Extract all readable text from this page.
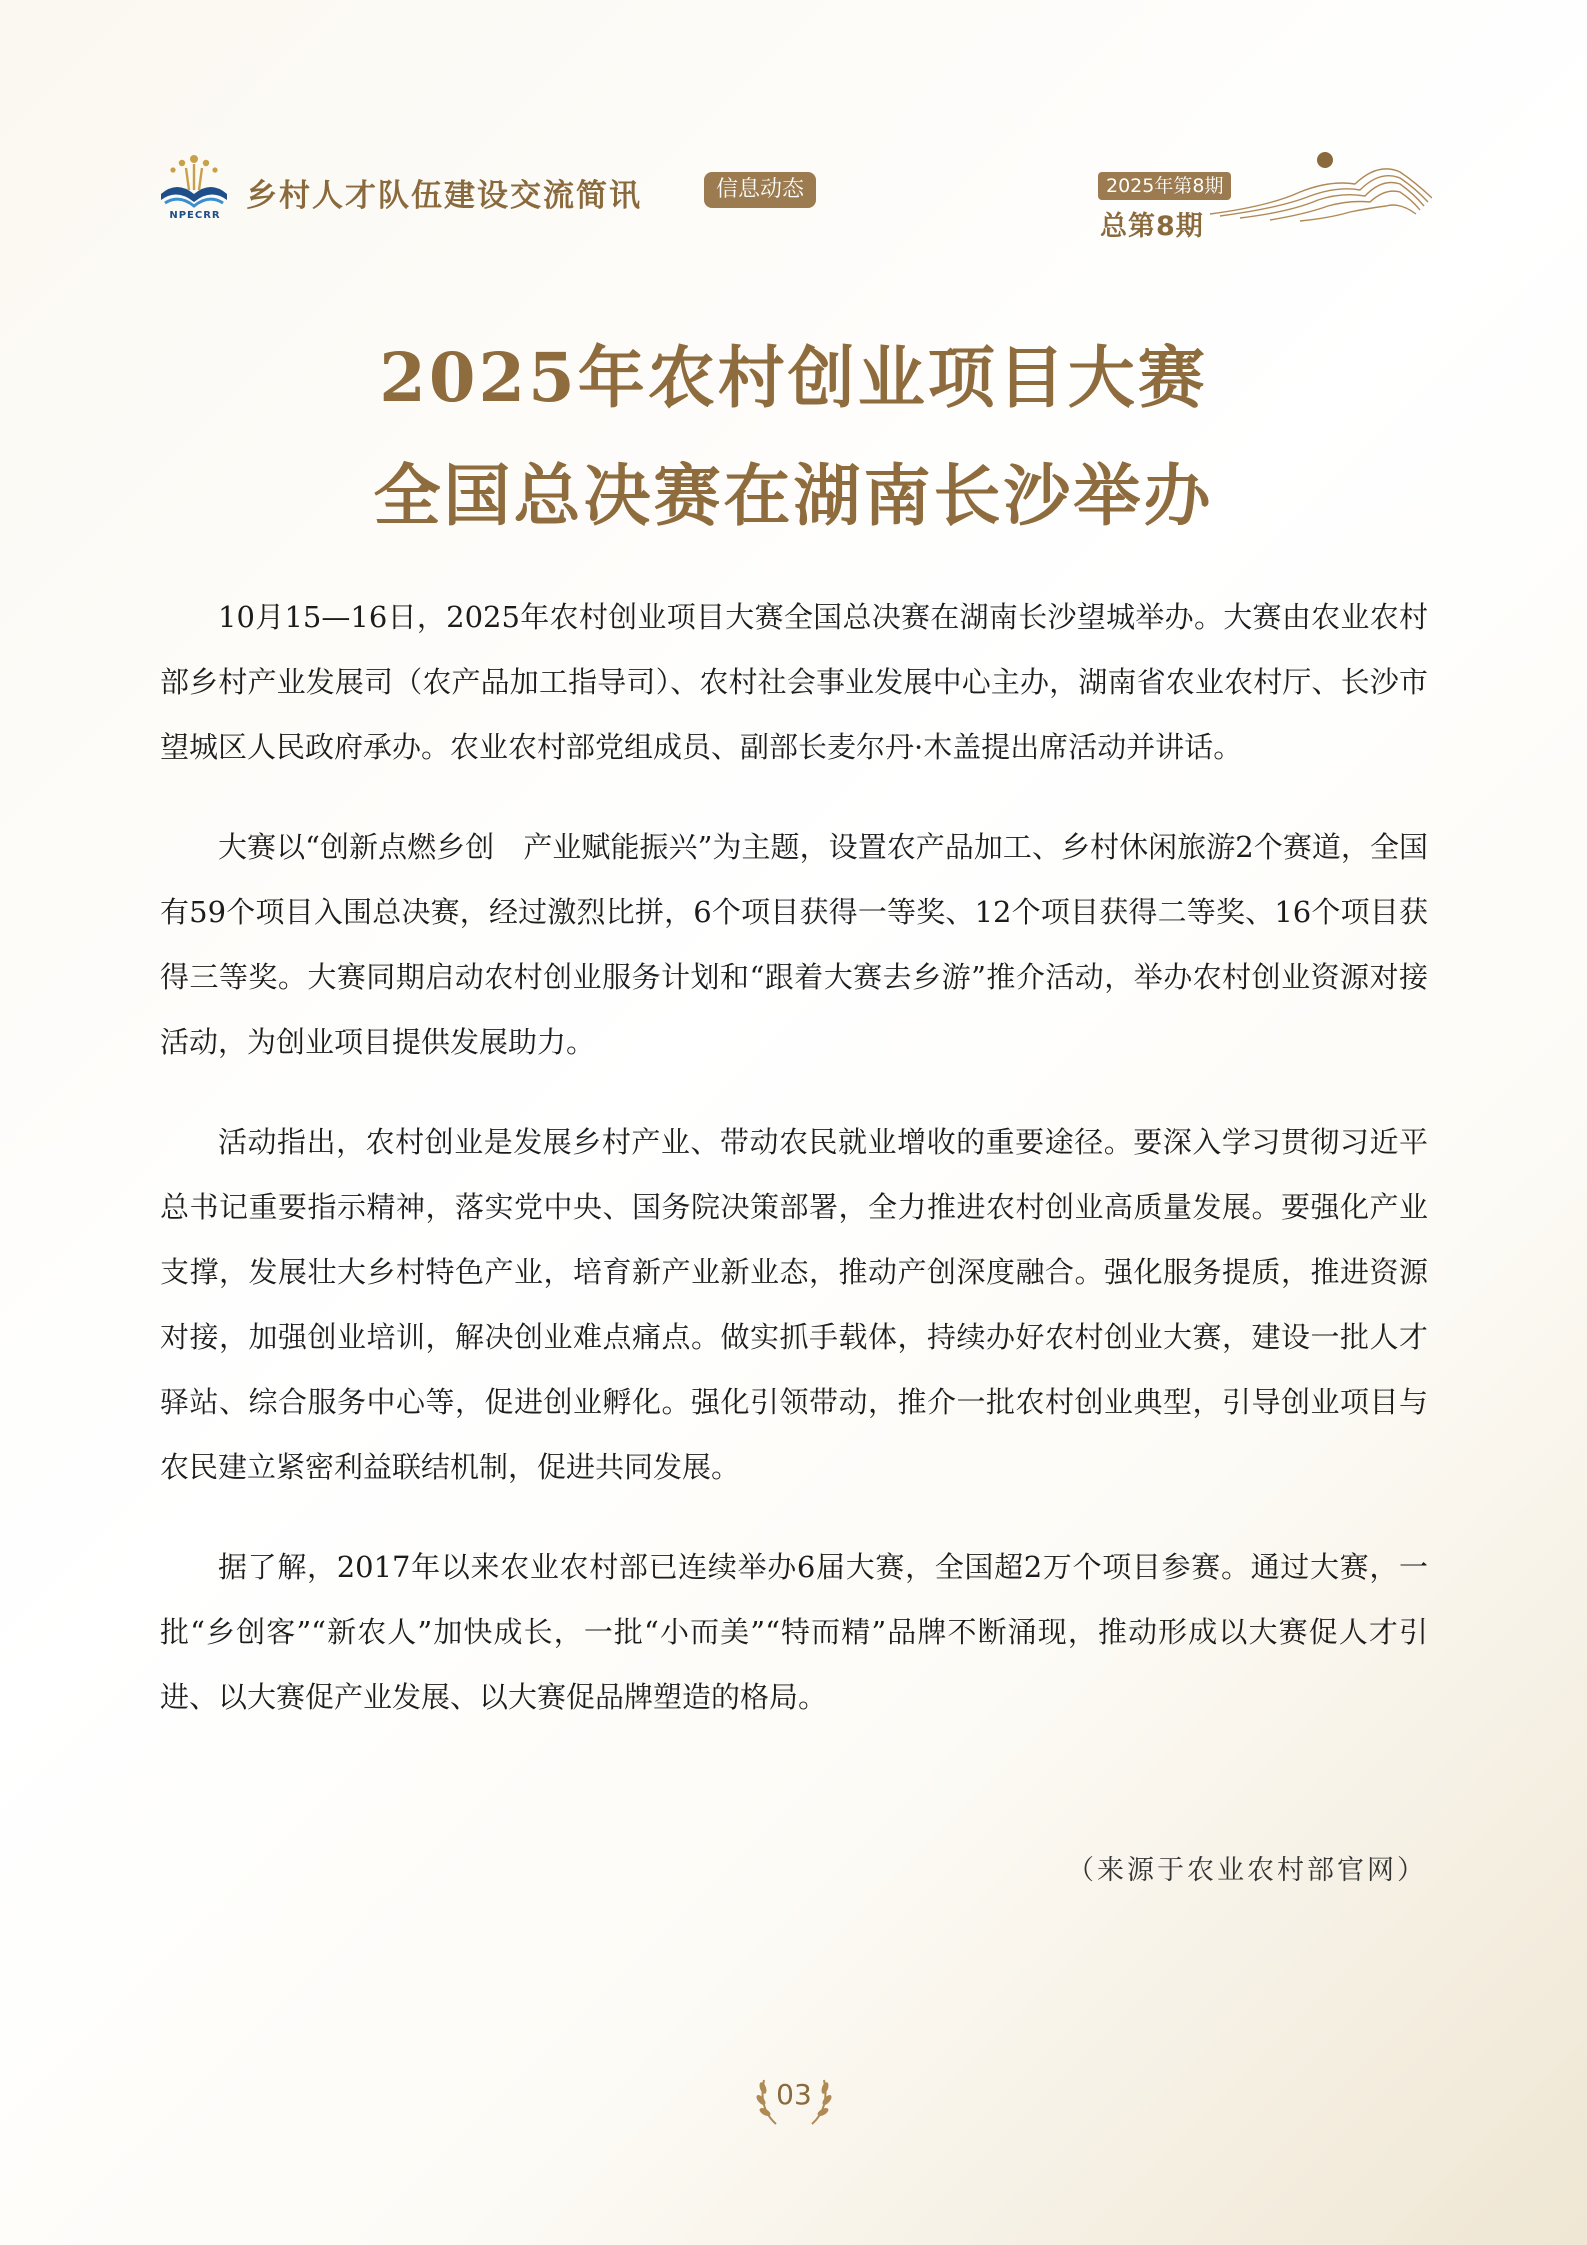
NPECRR
乡村人才队伍建设交流简讯	信息动态	2025年第8期
总第8期
2025年农村创业项目大赛
全国总决赛在湖南长沙举办

10月15—16日，2025年农村创业项目大赛全国总决赛在湖南长沙望城举办。大赛由农业农村部乡村产业发展司（农产品加工指导司）、农村社会事业发展中心主办，湖南省农业农村厅、长沙市望城区人民政府承办。农业农村部党组成员、副部长麦尔丹·木盖提出席活动并讲话。

大赛以“创新点燃乡创　产业赋能振兴”为主题，设置农产品加工、乡村休闲旅游2个赛道，全国有59个项目入围总决赛，经过激烈比拼，6个项目获得一等奖、12个项目获得二等奖、16个项目获得三等奖。大赛同期启动农村创业服务计划和“跟着大赛去乡游”推介活动，举办农村创业资源对接活动，为创业项目提供发展助力。

活动指出，农村创业是发展乡村产业、带动农民就业增收的重要途径。要深入学习贯彻习近平总书记重要指示精神，落实党中央、国务院决策部署，全力推进农村创业高质量发展。要强化产业支撑，发展壮大乡村特色产业，培育新产业新业态，推动产创深度融合。强化服务提质，推进资源对接，加强创业培训，解决创业难点痛点。做实抓手载体，持续办好农村创业大赛，建设一批人才驿站、综合服务中心等，促进创业孵化。强化引领带动，推介一批农村创业典型，引导创业项目与农民建立紧密利益联结机制，促进共同发展。

据了解，2017年以来农业农村部已连续举办6届大赛，全国超2万个项目参赛。通过大赛，一批“乡创客”“新农人”加快成长，一批“小而美”“特而精”品牌不断涌现，推动形成以大赛促人才引进、以大赛促产业发展、以大赛促品牌塑造的格局。

（来源于农业农村部官网）
03
